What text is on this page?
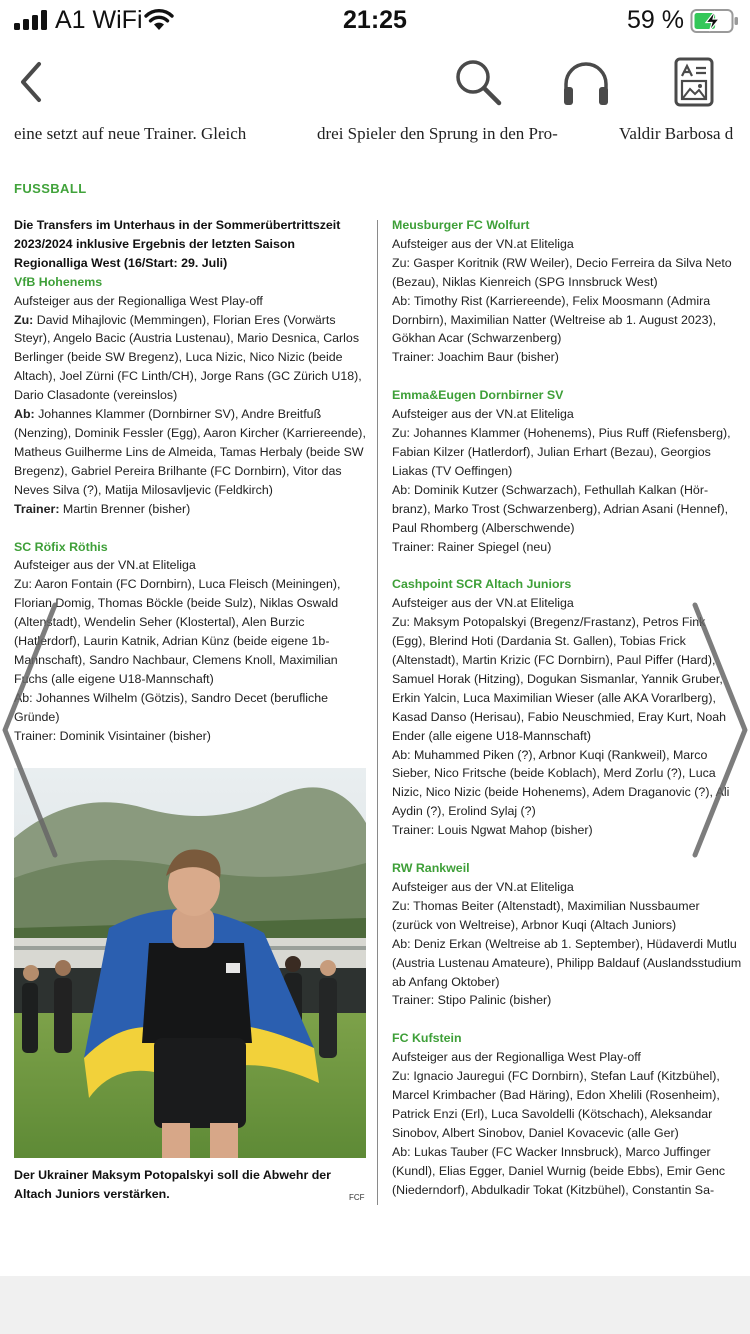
A1 WiFi	21:25	59 %
eine setzt auf neue Trainer. Gleich	drei Spieler den Sprung in den Pro-	Valdir Barbosa d
FUSSBALL
Die Transfers im Unterhaus in der Sommerübertrittszeit 2023/2024 inklusive Ergebnis der letzten Saison Regionalliga West (16/Start: 29. Juli)
VfB Hohenems
Aufsteiger aus der Regionalliga West Play-off
Zu: David Mihajlovic (Memmingen), Florian Eres (Vorwärts Steyr), Angelo Bacic (Austria Lustenau), Mario Desnica, Carlos Berlinger (beide SW Bregenz), Luca Nizic, Nico Nizic (beide Altach), Joel Zürni (FC Linth/CH), Jorge Rans (GC Zürich U18), Dario Clasadonte (vereinslos)
Ab: Johannes Klammer (Dornbirner SV), Andre Breitfuß (Nenzing), Dominik Fessler (Egg), Aaron Kircher (Karriereende), Matheus Guilherme Lins de Almeida, Tamas Herbaly (beide SW Bregenz), Gabriel Pereira Brilhante (FC Dornbirn), Vitor das Neves Silva (?), Matija Milosavljevic (Feldkirch)
Trainer: Martin Brenner (bisher)
SC Röfix Röthis
Aufsteiger aus der VN.at Eliteliga
Zu: Aaron Fontain (FC Dornbirn), Luca Fleisch (Meiningen), Florian Domig, Thomas Böckle (beide Sulz), Niklas Oswald (Altenstadt), Wendelin Seher (Klostertal), Alen Burzic (Hatlerdorf), Laurin Katnik, Adrian Künz (beide eigene 1b-Mannschaft), Sandro Nachbaur, Clemens Knoll, Maximilian Fuchs (alle eigene U18-Mannschaft)
Ab: Johannes Wilhelm (Götzis), Sandro Decet (berufliche Gründe)
Trainer: Dominik Visintainer (bisher)
Der Ukrainer Maksym Potopalskyi soll die Abwehr der Altach Juniors verstärken.	FCF
Meusburger FC Wolfurt
Aufsteiger aus der VN.at Eliteliga
Zu: Gasper Koritnik (RW Weiler), Decio Ferreira da Silva Neto (Bezau), Niklas Kienreich (SPG Innsbruck West)
Ab: Timothy Rist (Karriereende), Felix Moosmann (Admira Dornbirn), Maximilian Natter (Weltreise ab 1. August 2023), Gökhan Acar (Schwarzenberg)
Trainer: Joachim Baur (bisher)
Emma&Eugen Dornbirner SV
Aufsteiger aus der VN.at Eliteliga
Zu: Johannes Klammer (Hohenems), Pius Ruff (Riefensberg), Fabian Kilzer (Hatlerdorf), Julian Erhart (Bezau), Georgios Liakas (TV Oeffingen)
Ab: Dominik Kutzer (Schwarzach), Fethullah Kalkan (Hörbranz), Marko Trost (Schwarzenberg), Adrian Asani (Hennef), Paul Rhomberg (Alberschwende)
Trainer: Rainer Spiegel (neu)
Cashpoint SCR Altach Juniors
Aufsteiger aus der VN.at Eliteliga
Zu: Maksym Potopalskyi (Bregenz/Frastanz), Petros Fink (Egg), Blerind Hoti (Dardania St. Gallen), Tobias Frick (Altenstadt), Martin Krizic (FC Dornbirn), Paul Piffer (Hard), Samuel Horak (Hitzing), Dogukan Sismanlar, Yannik Gruber, Erkin Yalcin, Luca Maximilian Wieser (alle AKA Vorarlberg), Kasad Danso (Herisau), Fabio Neuschmied, Eray Kurt, Noah Ender (alle eigene U18-Mannschaft)
Ab: Muhammed Piken (?), Arbnor Kuqi (Rankweil), Marco Sieber, Nico Fritsche (beide Koblach), Merd Zorlu (?), Luca Nizic, Nico Nizic (beide Hohenems), Adem Draganovic (?), Ali Aydin (?), Erolind Sylaj (?)
Trainer: Louis Ngwat Mahop (bisher)
RW Rankweil
Aufsteiger aus der VN.at Eliteliga
Zu: Thomas Beiter (Altenstadt), Maximilian Nussbaumer (zurück von Weltreise), Arbnor Kuqi (Altach Juniors)
Ab: Deniz Erkan (Weltreise ab 1. September), Hüdaverdi Mutlu (Austria Lustenau Amateure), Philipp Baldauf (Auslandsstudium ab Anfang Oktober)
Trainer: Stipo Palinic (bisher)
FC Kufstein
Aufsteiger aus der Regionalliga West Play-off
Zu: Ignacio Jauregui (FC Dornbirn), Stefan Lauf (Kitzbühel), Marcel Krimbacher (Bad Häring), Edon Xhelili (Rosenheim), Patrick Enzi (Erl), Luca Savoldelli (Kötschach), Aleksandar Sinobov, Albert Sinobov, Daniel Kovacevic (alle Ger)
Ab: Lukas Tauber (FC Wacker Innsbruck), Marco Juffinger (Kundl), Elias Egger, Daniel Wurnig (beide Ebbs), Emir Genc (Niederndorf), Abdulkadir Tokat (Kitzbühel), Constantin Sa-
